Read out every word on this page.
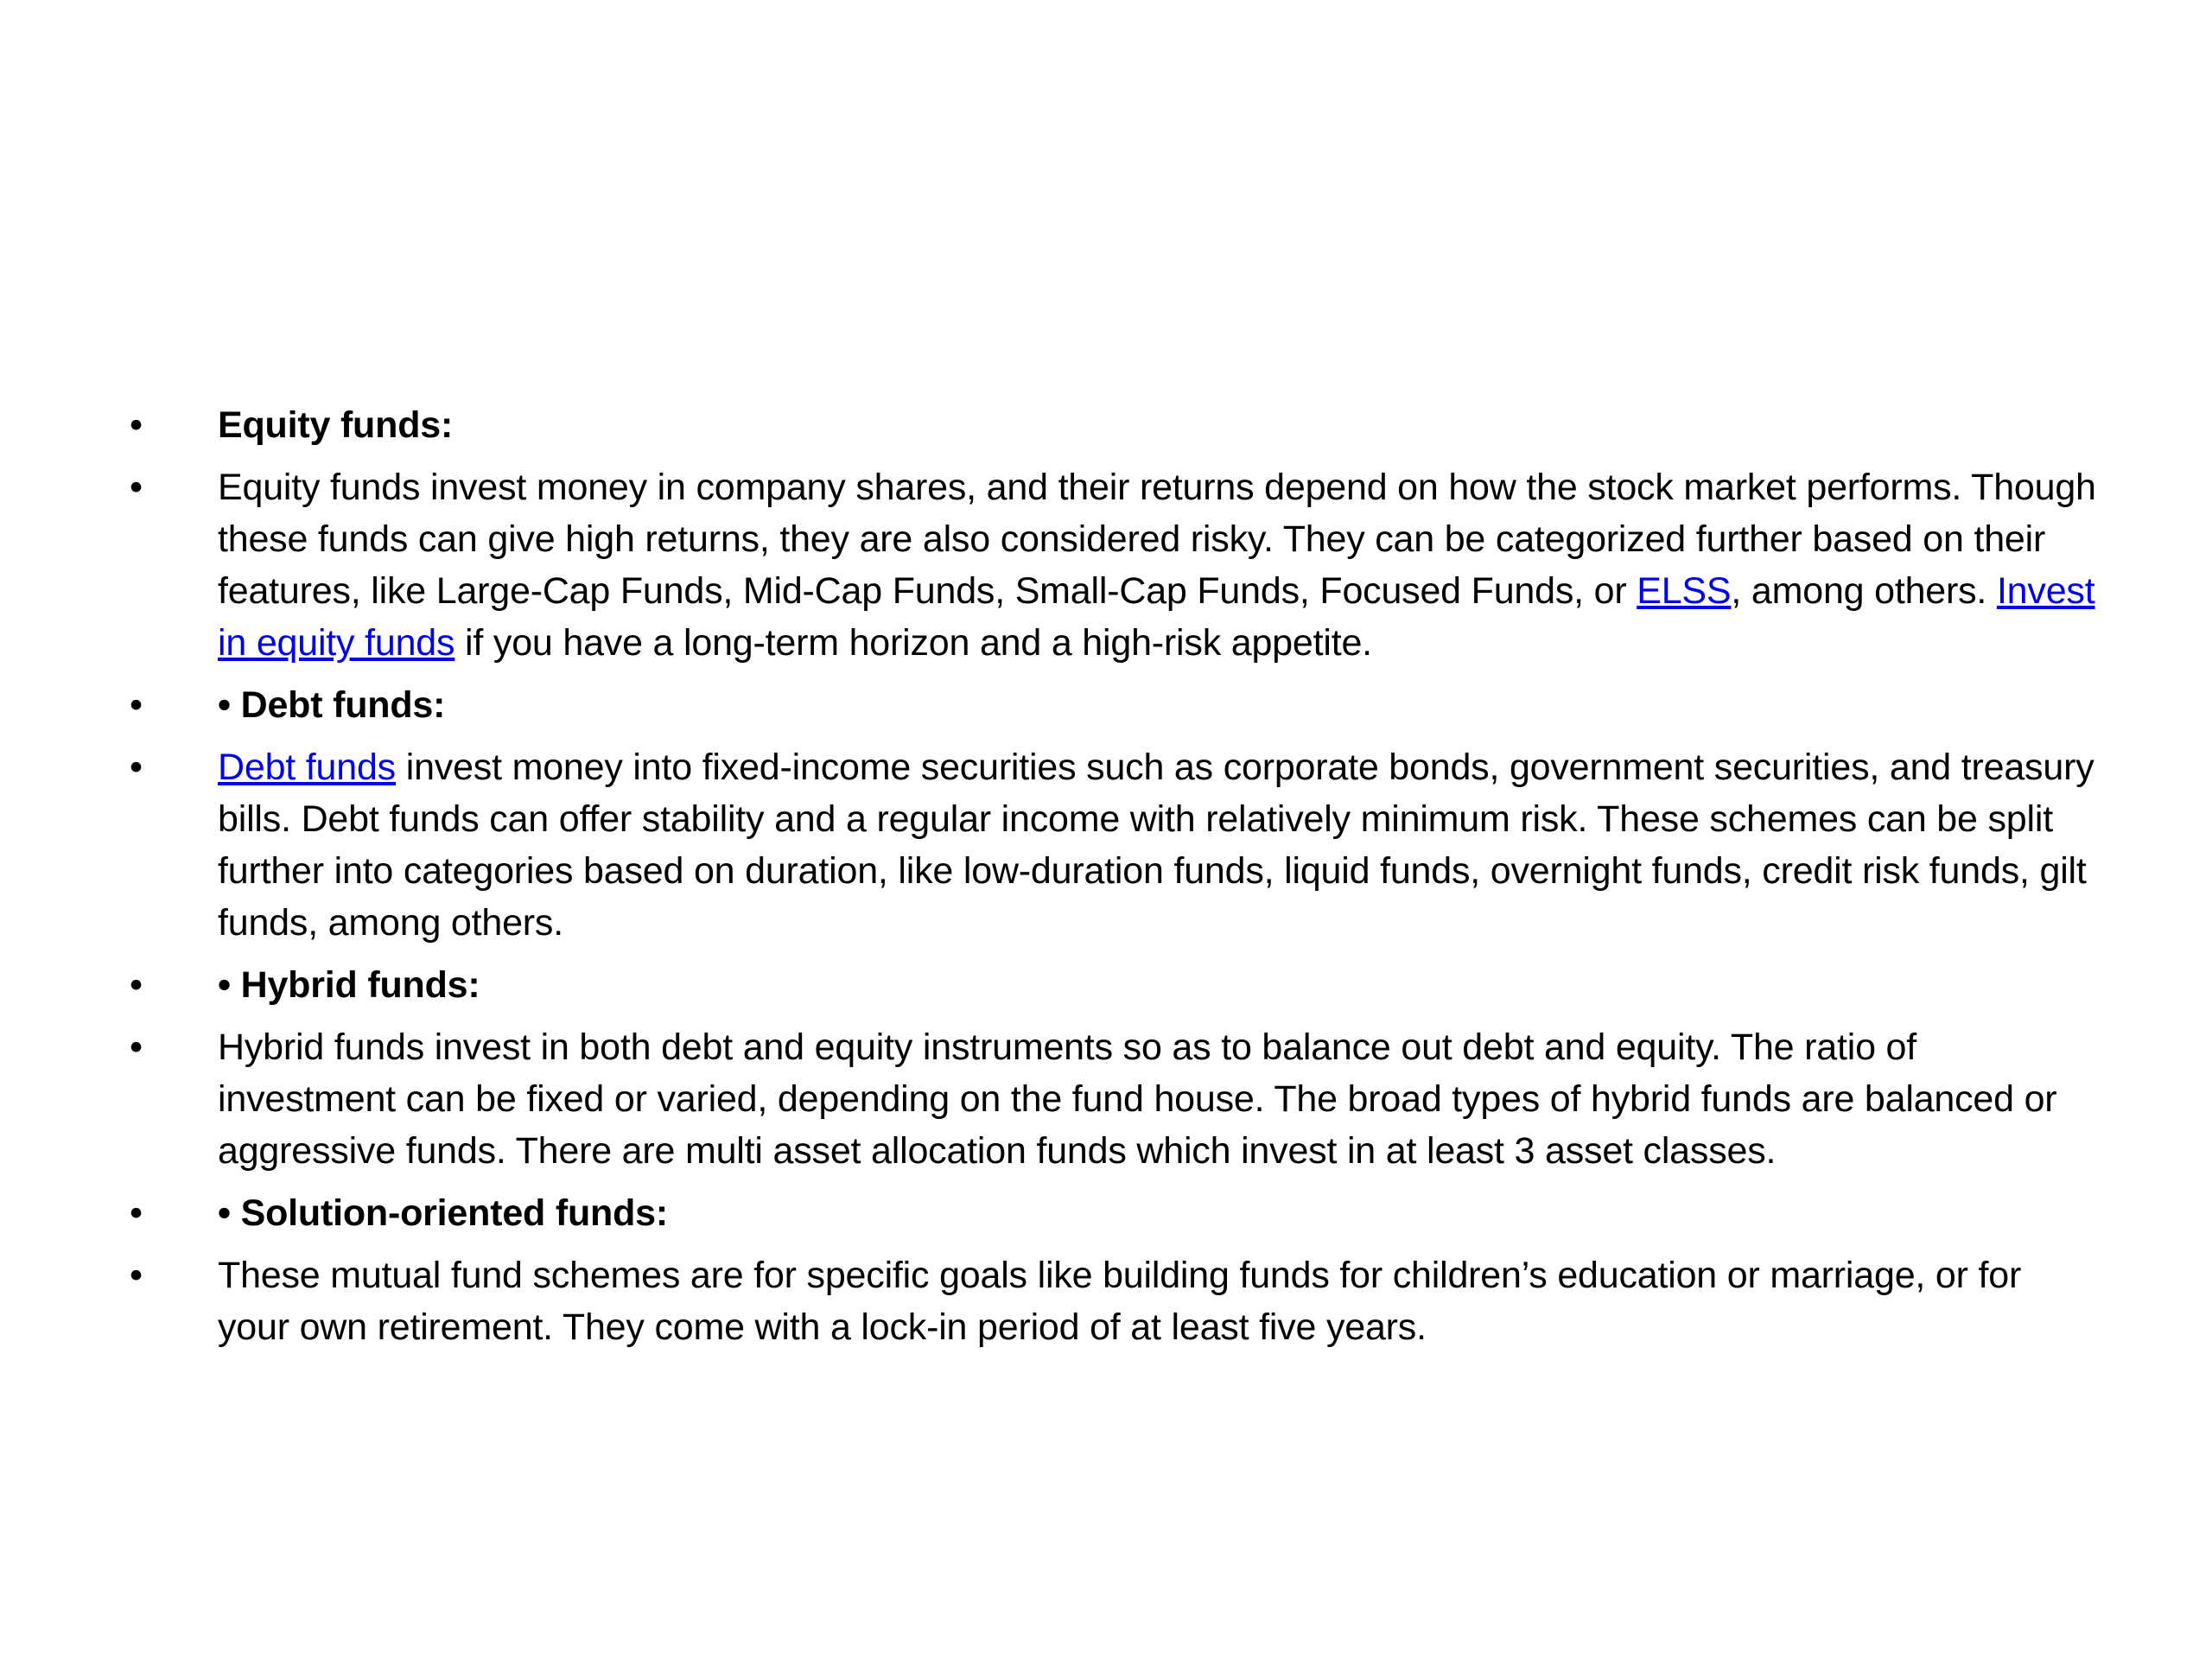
•	Equity funds:
•	Equity funds invest money in company shares, and their returns depend on how the stock market performs. Though these funds can give high returns, they are also considered risky. They can be categorized further based on their features, like Large-Cap Funds, Mid-Cap Funds, Small-Cap Funds, Focused Funds, or ELSS, among others. Invest in equity funds if you have a long-term horizon and a high-risk appetite.
•	• Debt funds:
•	Debt funds invest money into fixed-income securities such as corporate bonds, government securities, and treasury bills. Debt funds can offer stability and a regular income with relatively minimum risk. These schemes can be split further into categories based on duration, like low-duration funds, liquid funds, overnight funds, credit risk funds, gilt funds, among others.
•	• Hybrid funds:
•	Hybrid funds invest in both debt and equity instruments so as to balance out debt and equity. The ratio of investment can be fixed or varied, depending on the fund house. The broad types of hybrid funds are balanced or aggressive funds. There are multi asset allocation funds which invest in at least 3 asset classes.
•	• Solution-oriented funds:
•	These mutual fund schemes are for specific goals like building funds for children’s education or marriage, or for your own retirement. They come with a lock-in period of at least five years.
